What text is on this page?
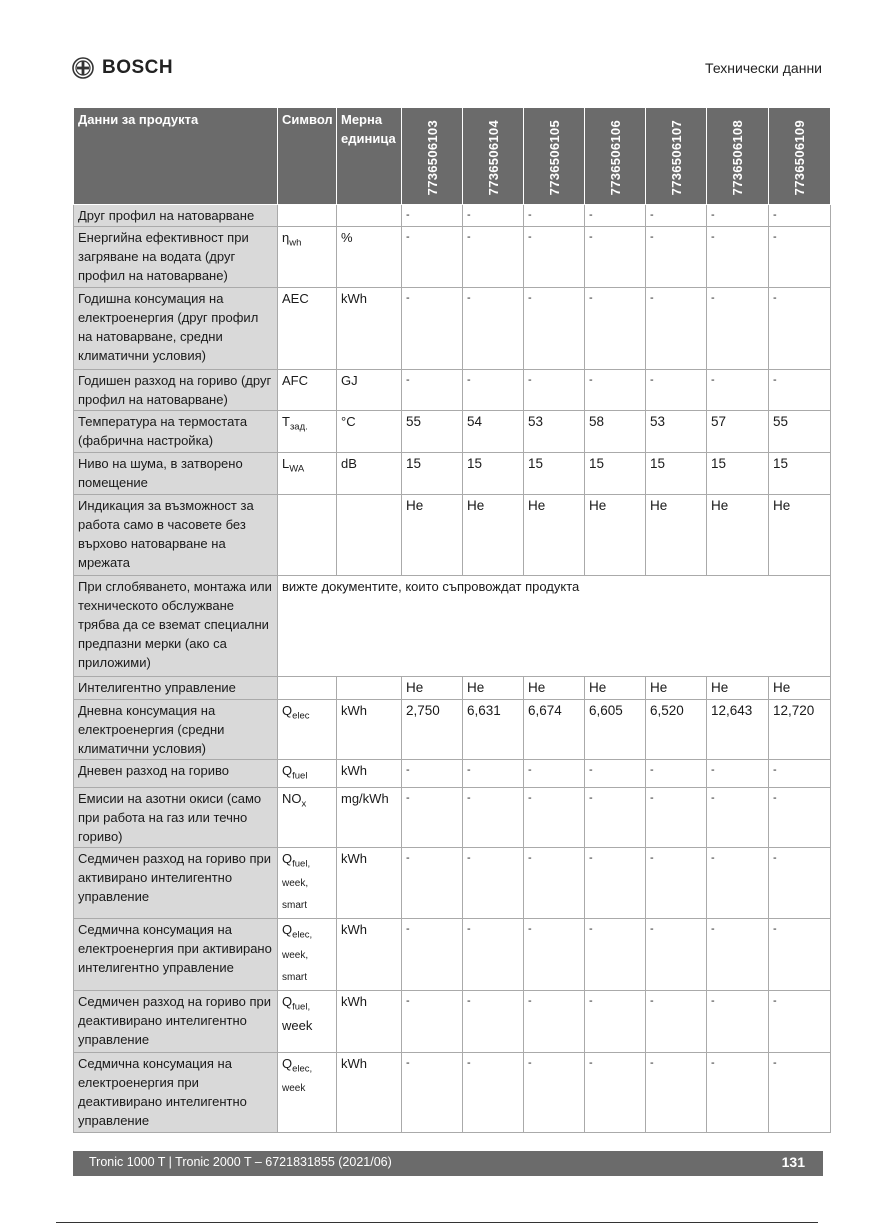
BOSCH	Технически данни
Данни за продукта	Символ	Мерна единица	7736506103	7736506104	7736506105	7736506106	7736506107	7736506108	7736506109
Друг профил на натоварване			-	-	-	-	-	-	-
Енергийна ефективност при загряване на водата (друг профил на натоварване)	$\eta_{wh}$	%	-	-	-	-	-	-	-
Годишна консумация на електроенергия (друг профил на натоварване, средни климатични условия)	AEC	kWh	-	-	-	-	-	-	-
Годишен разход на гориво (друг профил на натоварване)	AFC	GJ	-	-	-	-	-	-	-
Температура на термостата (фабрична настройка)	$T_{зад.}$	°C	55	54	53	58	53	57	55
Ниво на шума, в затворено помещение	$L_{WA}$	dB	15	15	15	15	15	15	15
Индикация за възможност за работа само в часовете без върхово натоварване на мрежата			Не	Не	Не	Не	Не	Не	Не
При сглобяването, монтажа или техническото обслужване трябва да се вземат специални предпазни мерки (ако са приложими)	вижте документите, които съпровождат продукта								
Интелигентно управление			Не	Не	Не	Не	Не	Не	Не
Дневна консумация на електроенергия (средни климатични условия)	$Q_{elec}$	kWh	2,750	6,631	6,674	6,605	6,520	12,643	12,720
Дневен разход на гориво	$Q_{fuel}$	kWh	-	-	-	-	-	-	-
Емисии на азотни окиси (само при работа на газ или течно гориво)	$NO_x$	mg/kWh	-	-	-	-	-	-	-
Седмичен разход на гориво при активирано интелигентно управление	$Q_{fuel,}$
week,
smart	kWh	-	-	-	-	-	-	-
Седмична консумация на електроенергия при активирано интелигентно управление	$Q_{elec,}$
week,
smart	kWh	-	-	-	-	-	-	-
Седмичен разход на гориво при деактивирано интелигентно управление	$Q_{fuel,}$
week	kWh	-	-	-	-	-	-	-
Седмична консумация на електроенергия при деактивирано интелигентно управление	$Q_{elec,}$
week	kWh	-	-	-	-	-	-	-
Tronic 1000 T | Tronic 2000 T – 6721831855 (2021/06)	131
